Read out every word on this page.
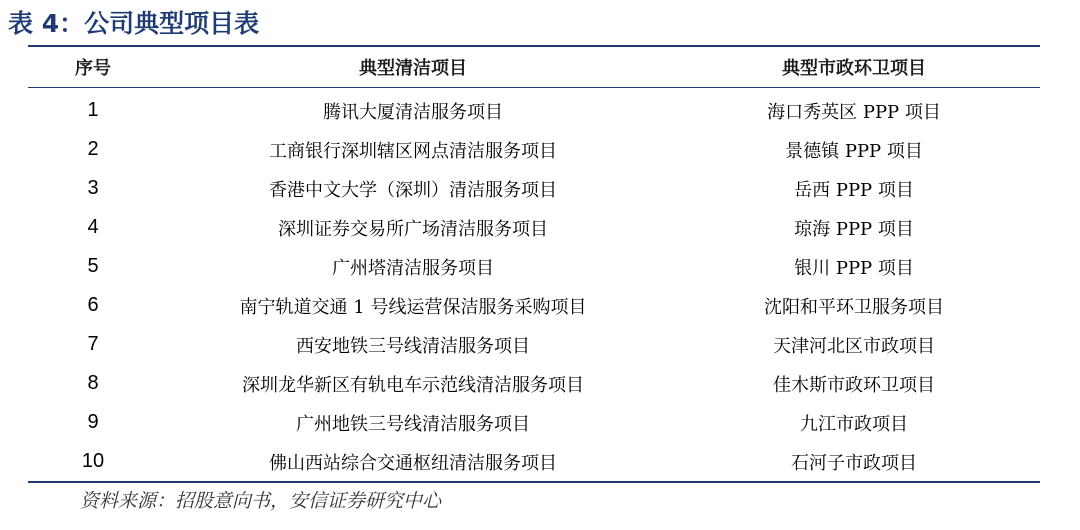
表 4：公司典型项目表
序号	典型清洁项目	典型市政环卫项目
1	腾讯大厦清洁服务项目	海口秀英区 PPP 项目
2	工商银行深圳辖区网点清洁服务项目	景德镇 PPP 项目
3	香港中文大学（深圳）清洁服务项目	岳西 PPP 项目
4	深圳证券交易所广场清洁服务项目	琼海 PPP 项目
5	广州塔清洁服务项目	银川 PPP 项目
6	南宁轨道交通 1 号线运营保洁服务采购项目	沈阳和平环卫服务项目
7	西安地铁三号线清洁服务项目	天津河北区市政项目
8	深圳龙华新区有轨电车示范线清洁服务项目	佳木斯市政环卫项目
9	广州地铁三号线清洁服务项目	九江市政项目
10	佛山西站综合交通枢纽清洁服务项目	石河子市政项目
资料来源：招股意向书，安信证券研究中心
